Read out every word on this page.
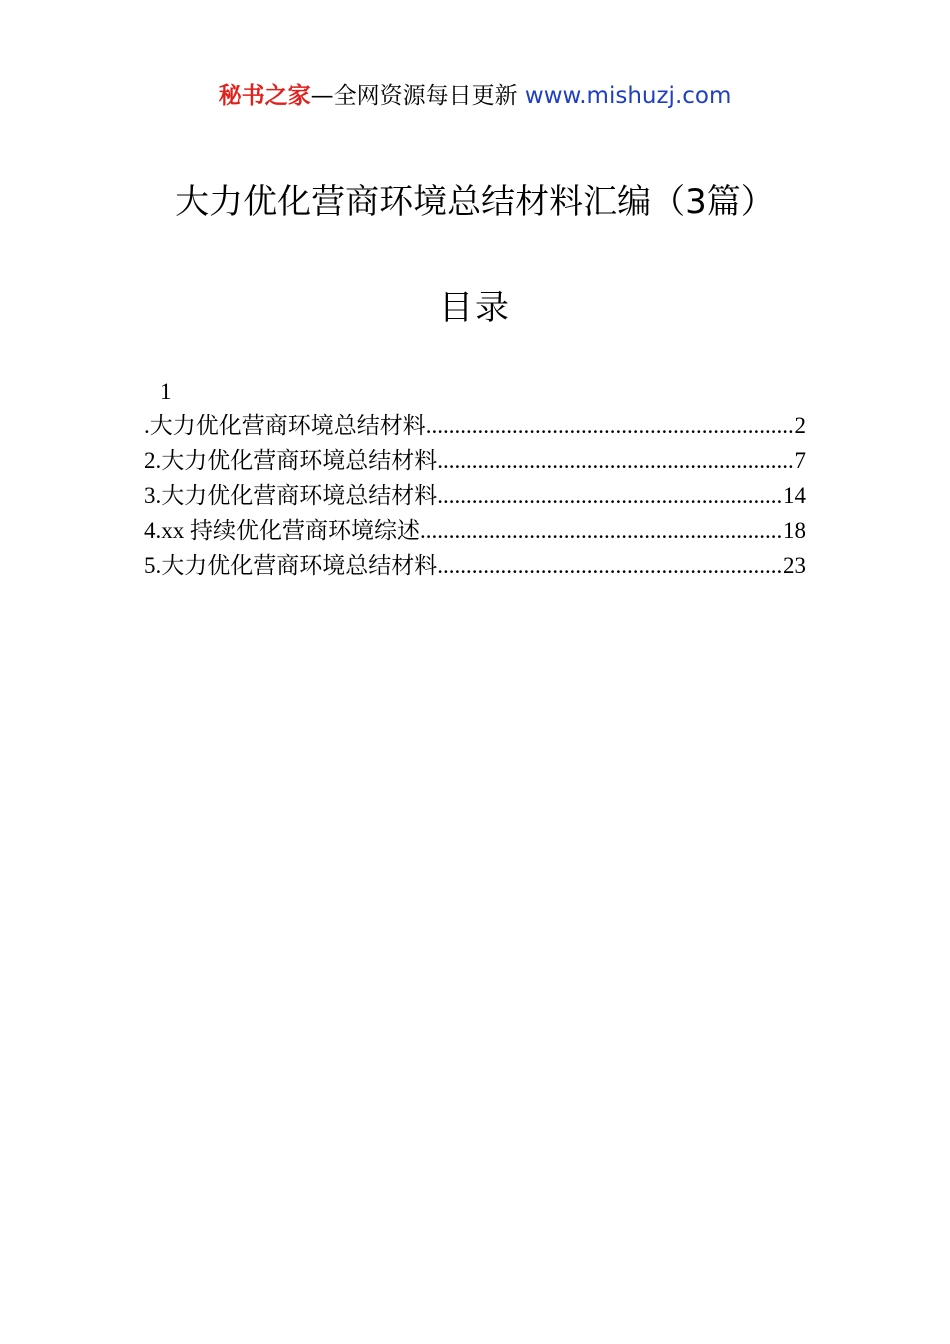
秘书之家—全网资源每日更新 www.mishuzj.com
大力优化营商环境总结材料汇编（3篇）
目录
1
.大力优化营商环境总结材料 .....	2
2.大力优化营商环境总结材料 .....	7
3.大力优化营商环境总结材料 .....	14
4.xx 持续优化营商环境综述 .....	18
5.大力优化营商环境总结材料 .....	23
